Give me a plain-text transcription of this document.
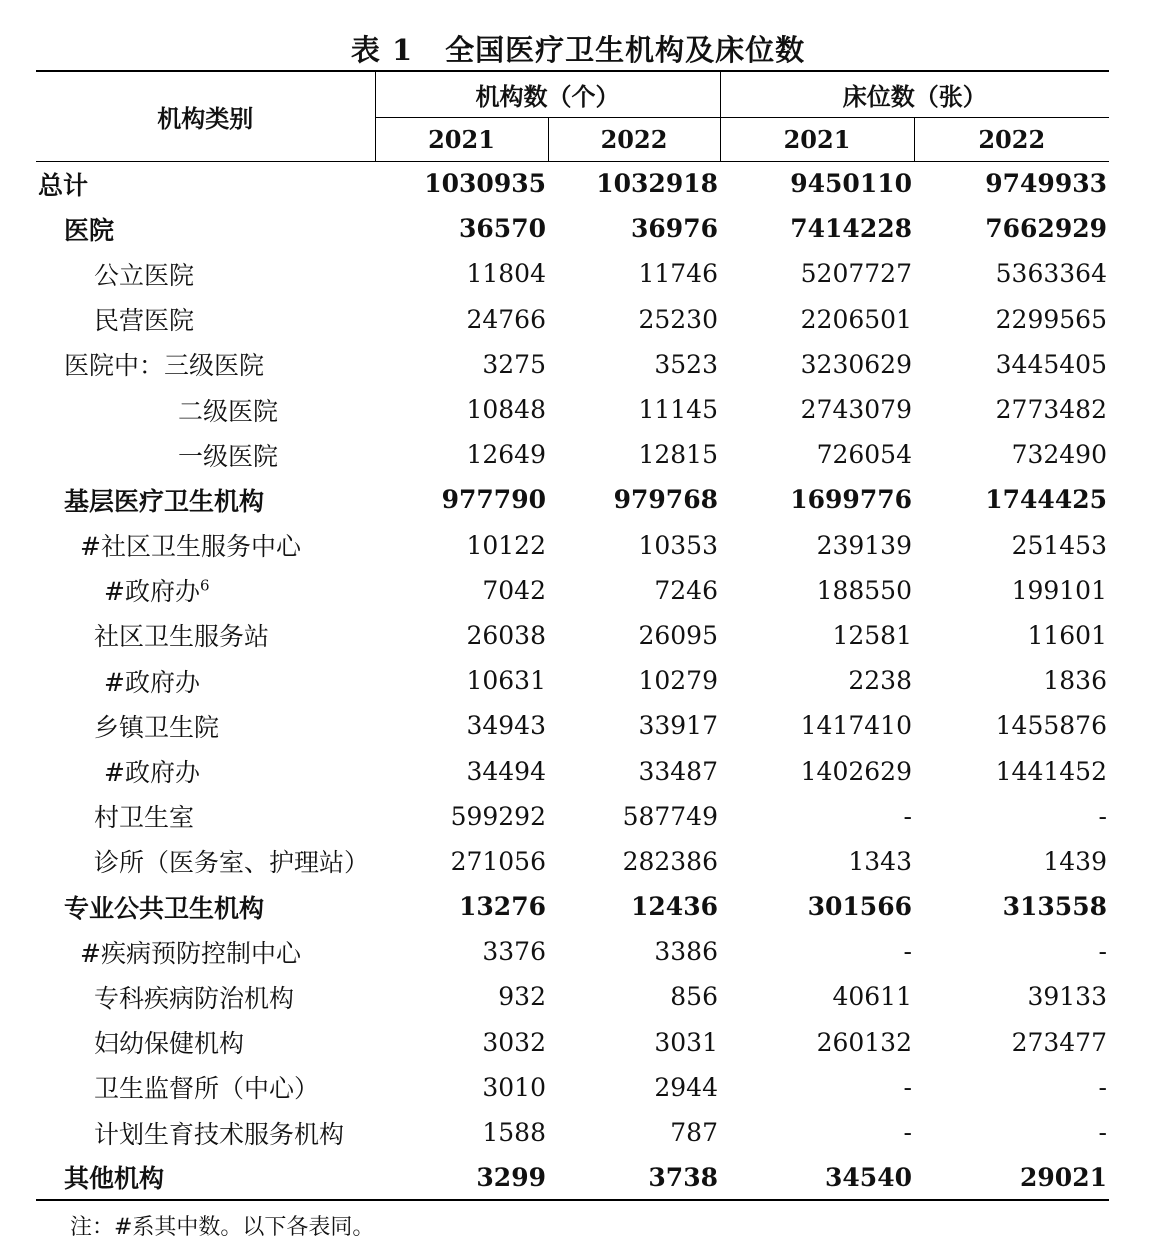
表 1 全国医疗卫生机构及床位数
机构类别	机构数（个）		床位数（张）	
	2021	2022	2021	2022
总计	1030935	1032918	9450110	9749933
医院	36570	36976	7414228	7662929
公立医院	11804	11746	5207727	5363364
民营医院	24766	25230	2206501	2299565
医院中：三级医院	3275	3523	3230629	3445405
二级医院	10848	11145	2743079	2773482
一级医院	12649	12815	726054	732490
基层医疗卫生机构	977790	979768	1699776	1744425
#社区卫生服务中心	10122	10353	239139	251453
#政府办$^6$	7042	7246	188550	199101
社区卫生服务站	26038	26095	12581	11601
#政府办	10631	10279	2238	1836
乡镇卫生院	34943	33917	1417410	1455876
#政府办	34494	33487	1402629	1441452
村卫生室	599292	587749	-	-
诊所（医务室、护理站）	271056	282386	1343	1439
专业公共卫生机构	13276	12436	301566	313558
#疾病预防控制中心	3376	3386	-	-
专科疾病防治机构	932	856	40611	39133
妇幼保健机构	3032	3031	260132	273477
卫生监督所（中心）	3010	2944	-	-
计划生育技术服务机构	1588	787	-	-
其他机构	3299	3738	34540	29021
注：#系其中数。以下各表同。
